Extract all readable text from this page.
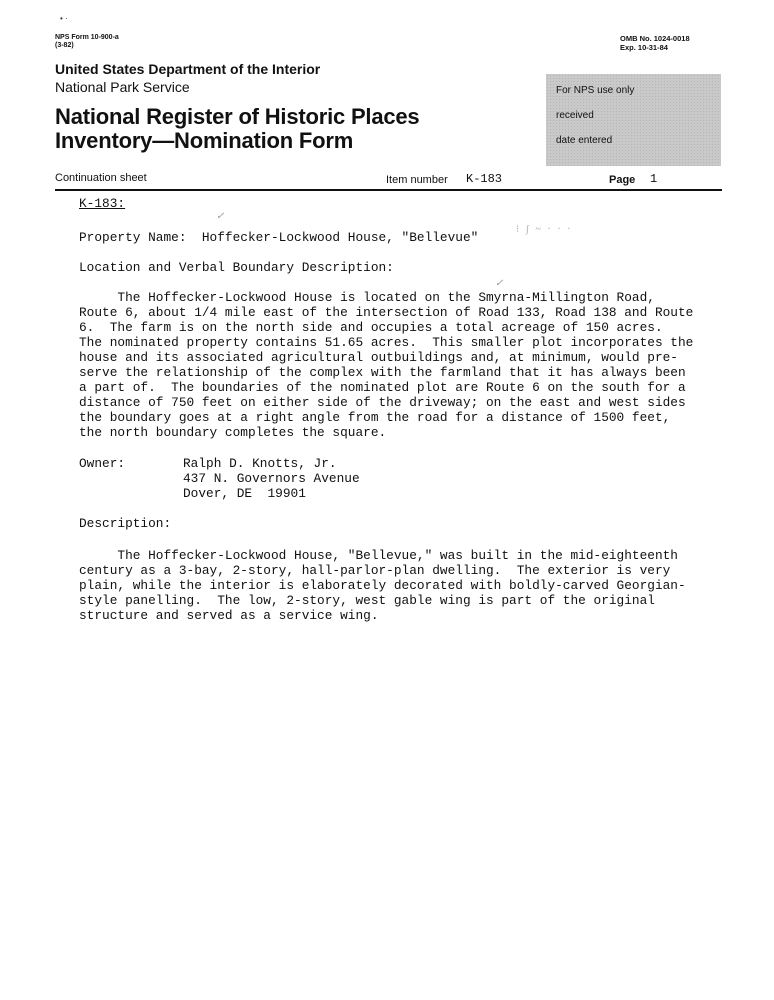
• ·
NPS Form 10-900-a
(3-82)
OMB No. 1024-0018
Exp. 10-31-84
United States Department of the Interior
National Park Service
National Register of Historic Places
Inventory—Nomination Form
For NPS use only
received
date entered
Continuation sheet	Item number K-183	Page 1
K-183:
✓
Property Name:  Hoffecker-Lockwood House, "Bellevue"
⁝ ʃ ~ · · ·
Location and Verbal Boundary Description:
✓
The Hoffecker-Lockwood House is located on the Smyrna-Millington Road,
Route 6, about 1/4 mile east of the intersection of Road 133, Road 138 and Route
6.  The farm is on the north side and occupies a total acreage of 150 acres.
The nominated property contains 51.65 acres.  This smaller plot incorporates the
house and its associated agricultural outbuildings and, at minimum, would pre-
serve the relationship of the complex with the farmland that it has always been
a part of.  The boundaries of the nominated plot are Route 6 on the south for a
distance of 750 feet on either side of the driveway; on the east and west sides
the boundary goes at a right angle from the road for a distance of 1500 feet,
the north boundary completes the square.
Owner:	Ralph D. Knotts, Jr.
437 N. Governors Avenue
Dover, DE  19901
Description:
The Hoffecker-Lockwood House, "Bellevue," was built in the mid-eighteenth
century as a 3-bay, 2-story, hall-parlor-plan dwelling.  The exterior is very
plain, while the interior is elaborately decorated with boldly-carved Georgian-
style panelling.  The low, 2-story, west gable wing is part of the original
structure and served as a service wing.
